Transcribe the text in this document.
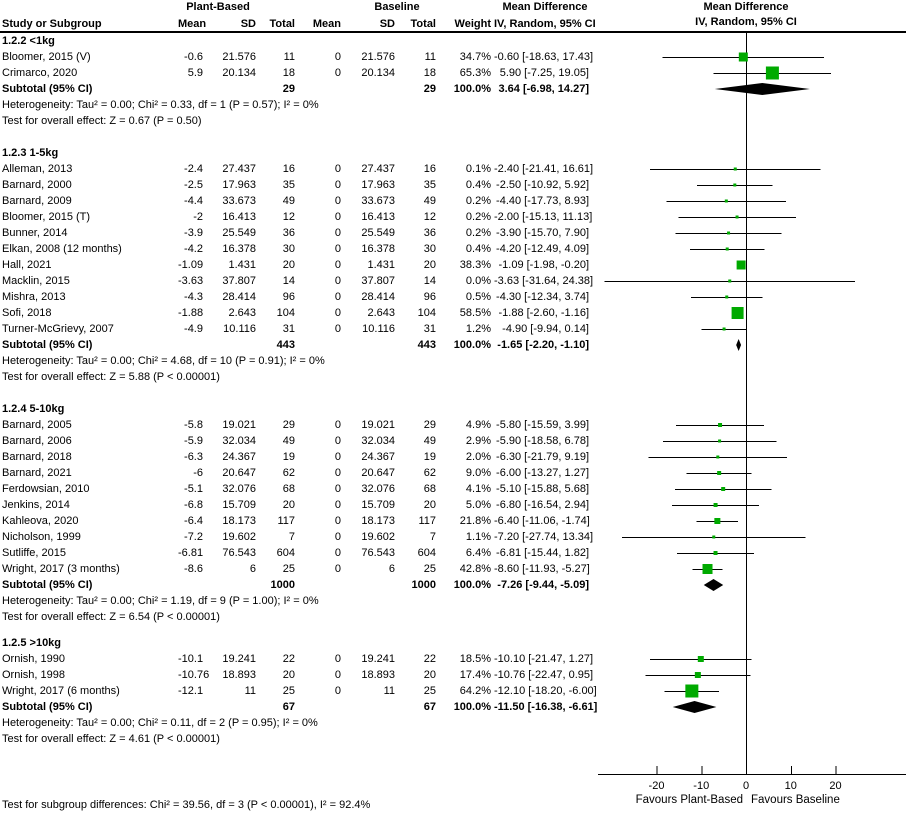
Plant-Based	Baseline	Mean Difference	Mean Difference
IV, Random, 95% CI
Study or Subgroup	Mean	SD	Total	Mean	SD	Total	Weight IV, Random, 95% CI
1.2.2 <1kg
Bloomer, 2015 (V)	-0.6	21.576	11	0	21.576	11	34.7% -0.60 [-18.63, 17.43]
Crimarco, 2020	5.9	20.134	18	0	20.134	18	65.3% 5.90 [-7.25, 19.05]
Subtotal (95% CI)	29	29	100.0% 3.64 [-6.98, 14.27]
Heterogeneity: Tau² = 0.00; Chi² = 0.33, df = 1 (P = 0.57); I² = 0%
Test for overall effect: Z = 0.67 (P = 0.50)
1.2.3 1-5kg
Alleman, 2013	-2.4	27.437	16	0	27.437	16	0.1% -2.40 [-21.41, 16.61]
Barnard, 2000	-2.5	17.963	35	0	17.963	35	0.4% -2.50 [-10.92, 5.92]
Barnard, 2009	-4.4	33.673	49	0	33.673	49	0.2% -4.40 [-17.73, 8.93]
Bloomer, 2015 (T)	-2	16.413	12	0	16.413	12	0.2% -2.00 [-15.13, 11.13]
Bunner, 2014	-3.9	25.549	36	0	25.549	36	0.2% -3.90 [-15.70, 7.90]
Elkan, 2008 (12 months)	-4.2	16.378	30	0	16.378	30	0.4% -4.20 [-12.49, 4.09]
Hall, 2021	-1.09	1.431	20	0	1.431	20	38.3% -1.09 [-1.98, -0.20]
Macklin, 2015	-3.63	37.807	14	0	37.807	14	0.0% -3.63 [-31.64, 24.38]
Mishra, 2013	-4.3	28.414	96	0	28.414	96	0.5% -4.30 [-12.34, 3.74]
Sofi, 2018	-1.88	2.643	104	0	2.643	104	58.5% -1.88 [-2.60, -1.16]
Turner-McGrievy, 2007	-4.9	10.116	31	0	10.116	31	1.2%	-4.90 [-9.94, 0.14]
Subtotal (95% CI)	443	443	100.0% -1.65 [-2.20, -1.10]
Heterogeneity: Tau² = 0.00; Chi² = 4.68, df = 10 (P = 0.91); I² = 0%
Test for overall effect: Z = 5.88 (P < 0.00001)
1.2.4 5-10kg
Barnard, 2005	-5.8	19.021	29	0	19.021	29	4.9% -5.80 [-15.59, 3.99]
Barnard, 2006	-5.9	32.034	49	0	32.034	49	2.9% -5.90 [-18.58, 6.78]
Barnard, 2018	-6.3	24.367	19	0	24.367	19	2.0% -6.30 [-21.79, 9.19]
Barnard, 2021	-6	20.647	62	0	20.647	62	9.0% -6.00 [-13.27, 1.27]
Ferdowsian, 2010	-5.1	32.076	68	0	32.076	68	4.1% -5.10 [-15.88, 5.68]
Jenkins, 2014	-6.8	15.709	20	0	15.709	20	5.0% -6.80 [-16.54, 2.94]
Kahleova, 2020	-6.4	18.173	117	0	18.173	117	21.8% -6.40 [-11.06, -1.74]
Nicholson, 1999	-7.2	19.602	7	0	19.602	7	1.1% -7.20 [-27.74, 13.34]
Sutliffe, 2015	-6.81	76.543	604	0	76.543	604	6.4% -6.81 [-15.44, 1.82]
Wright, 2017 (3 months)	-8.6	6	25	0	6	25	42.8% -8.60 [-11.93, -5.27]
Subtotal (95% CI)	1000	1000	100.0% -7.26 [-9.44, -5.09]
Heterogeneity: Tau² = 0.00; Chi² = 1.19, df = 9 (P = 1.00); I² = 0%
Test for overall effect: Z = 6.54 (P < 0.00001)
1.2.5 >10kg
Ornish, 1990	-10.1	19.241	22	0	19.241	22	18.5% -10.10 [-21.47, 1.27]
Ornish, 1998	-10.76	18.893	20	0	18.893	20	17.4% -10.76 [-22.47, 0.95]
Wright, 2017 (6 months)	-12.1	11	25	0	11	25	64.2% -12.10 [-18.20, -6.00]
Subtotal (95% CI)	67	67	100.0% -11.50 [-16.38, -6.61]
Heterogeneity: Tau² = 0.00; Chi² = 0.11, df = 2 (P = 0.95); I² = 0%
Test for overall effect: Z = 4.61 (P < 0.00001)
-20	-10	0	10	20
Favours Plant-Based Favours Baseline
Test for subgroup differences: Chi² = 39.56, df = 3 (P < 0.00001), I² = 92.4%
